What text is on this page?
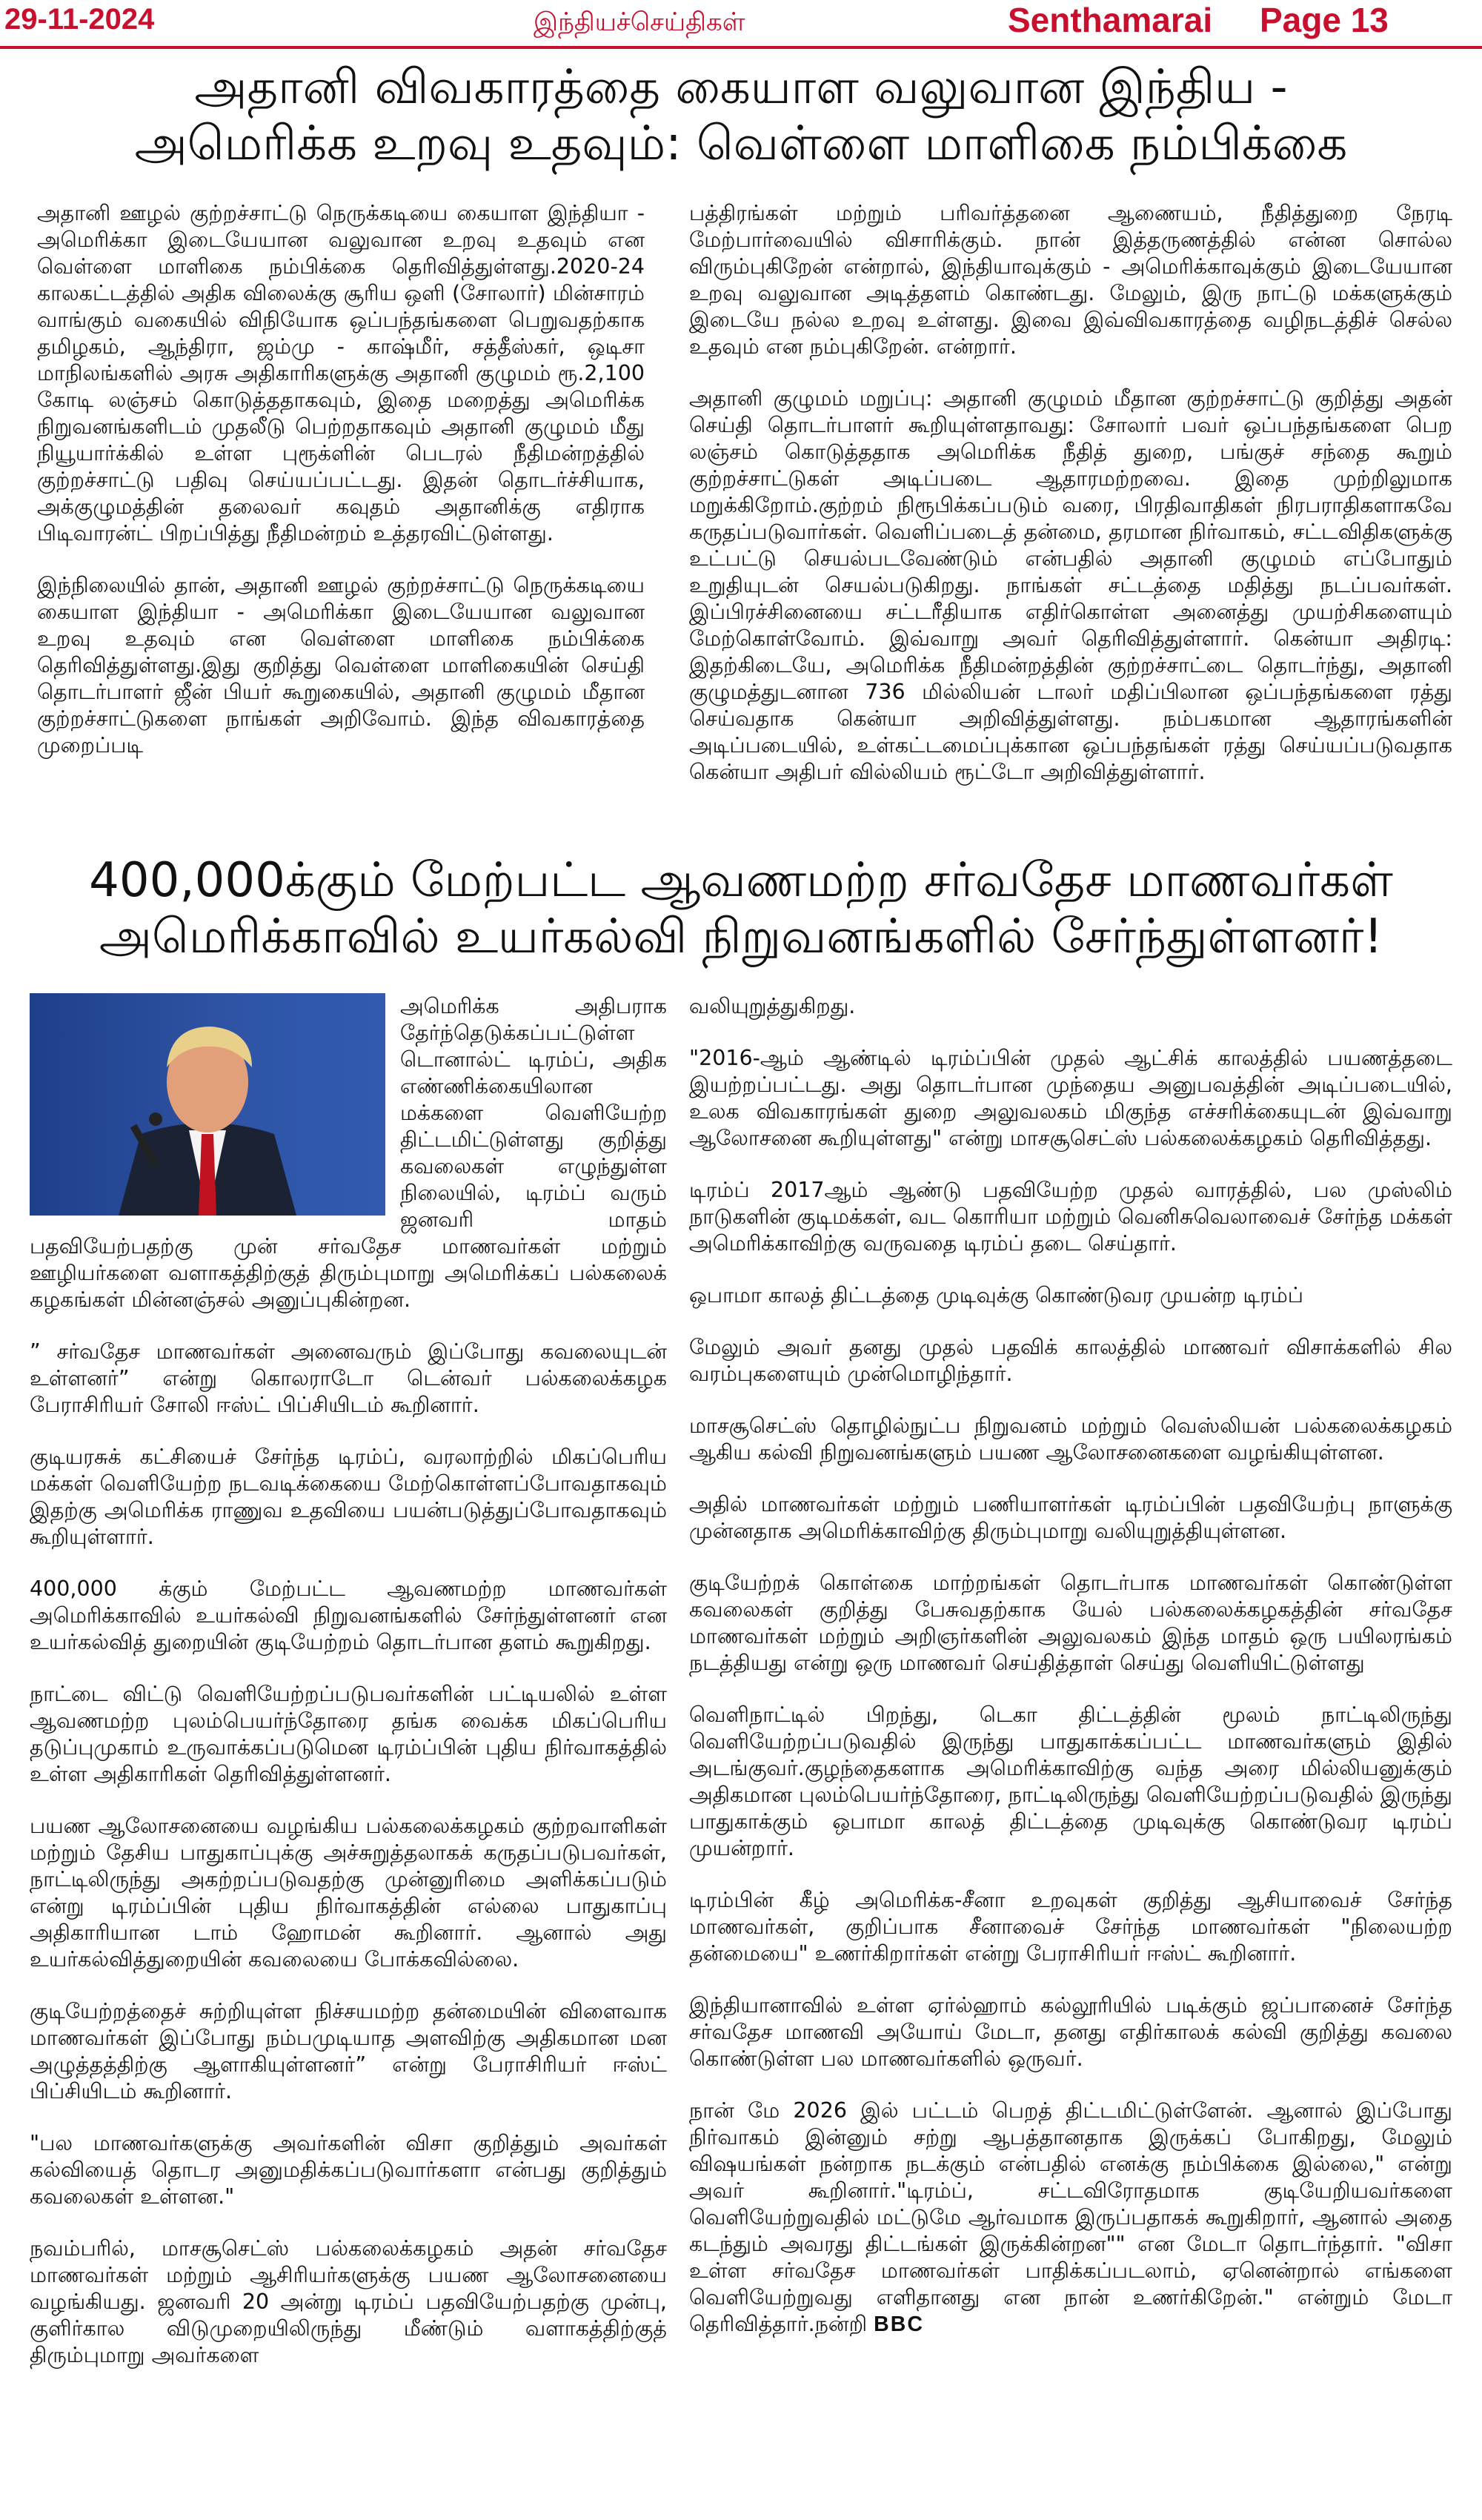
29-11-2024	இந்தியச்செய்திகள்	Senthamarai Page 13
அதானி விவகாரத்தை கையாள வலுவான இந்திய -
அமெரிக்க உறவு உதவும்: வெள்ளை மாளிகை நம்பிக்கை

அதானி ஊழல் குற்றச்சாட்டு நெருக்கடியை கையாள இந்தியா - அமெரிக்கா இடையேயான வலுவான உறவு உதவும் என வெள்ளை மாளிகை நம்பிக்கை தெரிவித்துள்ளது.2020-24 காலகட்டத்தில் அதிக விலைக்கு சூரிய ஒளி (சோலார்) மின்சாரம் வாங்கும் வகையில் விநியோக ஒப்பந்தங்களை பெறுவதற்காக தமிழகம், ஆந்திரா, ஜம்மு - காஷ்மீர், சத்தீஸ்கர், ஒடிசா மாநிலங்களில் அரசு அதிகாரிகளுக்கு அதானி குழுமம் ரூ.2,100 கோடி லஞ்சம் கொடுத்ததாகவும், இதை மறைத்து அமெரிக்க நிறுவனங்களிடம் முதலீடு பெற்றதாகவும் அதானி குழுமம் மீது நியூயார்க்கில் உள்ள புரூக்ளின் பெடரல் நீதிமன்றத்தில் குற்றச்சாட்டு பதிவு செய்யப்பட்டது. இதன் தொடர்ச்சியாக, அக்குழுமத்தின் தலைவர் கவுதம் அதானிக்கு எதிராக பிடிவாரன்ட் பிறப்பித்து நீதிமன்றம் உத்தரவிட்டுள்ளது.

இந்நிலையில் தான், அதானி ஊழல் குற்றச்சாட்டு நெருக்கடியை கையாள இந்தியா - அமெரிக்கா இடையேயான வலுவான உறவு உதவும் என வெள்ளை மாளிகை நம்பிக்கை தெரிவித்துள்ளது.இது குறித்து வெள்ளை மாளிகையின் செய்தி தொடர்பாளர் ஜீன் பியர் கூறுகையில், அதானி குழுமம் மீதான குற்றச்சாட்டுகளை நாங்கள் அறிவோம். இந்த விவகாரத்தை முறைப்படி

பத்திரங்கள் மற்றும் பரிவர்த்தனை ஆணையம், நீதித்துறை நேரடி மேற்பார்வையில் விசாரிக்கும். நான் இத்தருணத்தில் என்ன சொல்ல விரும்புகிறேன் என்றால், இந்தியாவுக்கும் - அமெரிக்காவுக்கும் இடையேயான உறவு வலுவான அடித்தளம் கொண்டது. மேலும், இரு நாட்டு மக்களுக்கும் இடையே நல்ல உறவு உள்ளது. இவை இவ்விவகாரத்தை வழிநடத்திச் செல்ல உதவும் என நம்புகிறேன். என்றார்.

அதானி குழுமம் மறுப்பு: அதானி குழுமம் மீதான குற்றச்சாட்டு குறித்து அதன் செய்தி தொடர்பாளர் கூறியுள்ளதாவது: சோலார் பவர் ஒப்பந்தங்களை பெற லஞ்சம் கொடுத்ததாக அமெரிக்க நீதித் துறை, பங்குச் சந்தை கூறும் குற்றச்சாட்டுகள் அடிப்படை ஆதாரமற்றவை. இதை முற்றிலுமாக மறுக்கிறோம்.குற்றம் நிரூபிக்கப்படும் வரை, பிரதிவாதிகள் நிரபராதிகளாகவே கருதப்படுவார்கள். வெளிப்படைத் தன்மை, தரமான நிர்வாகம், சட்டவிதிகளுக்கு உட்பட்டு செயல்படவேண்டும் என்பதில் அதானி குழுமம் எப்போதும் உறுதியுடன் செயல்படுகிறது. நாங்கள் சட்டத்தை மதித்து நடப்பவர்கள். இப்பிரச்சினையை சட்டரீதியாக எதிர்கொள்ள அனைத்து முயற்சிகளையும் மேற்கொள்வோம். இவ்வாறு அவர் தெரிவித்துள்ளார். கென்யா அதிரடி: இதற்கிடையே, அமெரிக்க நீதிமன்றத்தின் குற்றச்சாட்டை தொடர்ந்து, அதானி குழுமத்துடனான 736 மில்லியன் டாலர் மதிப்பிலான ஒப்பந்தங்களை ரத்து செய்வதாக கென்யா அறிவித்துள்ளது. நம்பகமான ஆதாரங்களின் அடிப்படையில், உள்கட்டமைப்புக்கான ஒப்பந்தங்கள் ரத்து செய்யப்படுவதாக கென்யா அதிபர் வில்லியம் ரூட்டோ அறிவித்துள்ளார்.

400,000க்கும் மேற்பட்ட ஆவணமற்ற சர்வதேச மாணவர்கள்
அமெரிக்காவில் உயர்கல்வி நிறுவனங்களில் சேர்ந்துள்ளனர்!

அமெரிக்க அதிபராக தேர்ந்தெடுக்கப்பட்டுள்ள டொனால்ட் டிரம்ப், அதிக எண்ணிக்கையிலான மக்களை வெளியேற்ற திட்டமிட்டுள்ளது குறித்து கவலைகள் எழுந்துள்ள நிலையில், டிரம்ப் வரும் ஜனவரி மாதம் பதவியேற்பதற்கு முன் சர்வதேச மாணவர்கள் மற்றும் ஊழியர்களை வளாகத்திற்குத் திரும்புமாறு அமெரிக்கப் பல்கலைக் கழகங்கள் மின்னஞ்சல் அனுப்புகின்றன.

” சர்வதேச மாணவர்கள் அனைவரும் இப்போது கவலையுடன் உள்ளனர்” என்று கொலராடோ டென்வர் பல்கலைக்கழக பேராசிரியர் சோலி ஈஸ்ட் பிப்சியிடம் கூறினார்.

குடியரசுக் கட்சியைச் சேர்ந்த டிரம்ப், வரலாற்றில் மிகப்பெரிய மக்கள் வெளியேற்ற நடவடிக்கையை மேற்கொள்ளப்போவதாகவும் இதற்கு அமெரிக்க ராணுவ உதவியை பயன்படுத்துப்போவதாகவும் கூறியுள்ளார்.

400,000 க்கும் மேற்பட்ட ஆவணமற்ற மாணவர்கள் அமெரிக்காவில் உயர்கல்வி நிறுவனங்களில் சேர்ந்துள்ளனர் என உயர்கல்வித் துறையின் குடியேற்றம் தொடர்பான தளம் கூறுகிறது.

நாட்டை விட்டு வெளியேற்றப்படுபவர்களின் பட்டியலில் உள்ள ஆவணமற்ற புலம்பெயர்ந்தோரை தங்க வைக்க மிகப்பெரிய தடுப்புமுகாம் உருவாக்கப்படுமென டிரம்ப்பின் புதிய நிர்வாகத்தில் உள்ள அதிகாரிகள் தெரிவித்துள்ளனர்.

பயண ஆலோசனையை வழங்கிய பல்கலைக்கழகம் குற்றவாளிகள் மற்றும் தேசிய பாதுகாப்புக்கு அச்சுறுத்தலாகக் கருதப்படுபவர்கள், நாட்டிலிருந்து அகற்றப்படுவதற்கு முன்னுரிமை அளிக்கப்படும் என்று டிரம்ப்பின் புதிய நிர்வாகத்தின் எல்லை பாதுகாப்பு அதிகாரியான டாம் ஹோமன் கூறினார். ஆனால் அது உயர்கல்வித்துறையின் கவலையை போக்கவில்லை.

குடியேற்றத்தைச் சுற்றியுள்ள நிச்சயமற்ற தன்மையின் விளைவாக மாணவர்கள் இப்போது நம்பமுடியாத அளவிற்கு அதிகமான மன அழுத்தத்திற்கு ஆளாகியுள்ளனர்” என்று பேராசிரியர் ஈஸ்ட் பிப்சியிடம் கூறினார்.

"பல மாணவர்களுக்கு அவர்களின் விசா குறித்தும் அவர்கள் கல்வியைத் தொடர அனுமதிக்கப்படுவார்களா என்பது குறித்தும் கவலைகள் உள்ளன."

நவம்பரில், மாசசூசெட்ஸ் பல்கலைக்கழகம் அதன் சர்வதேச மாணவர்கள் மற்றும் ஆசிரியர்களுக்கு பயண ஆலோசனையை வழங்கியது. ஜனவரி 20 அன்று டிரம்ப் பதவியேற்பதற்கு முன்பு, குளிர்கால விடுமுறையிலிருந்து மீண்டும் வளாகத்திற்குத் திரும்புமாறு அவர்களை

வலியுறுத்துகிறது.

"2016-ஆம் ஆண்டில் டிரம்ப்பின் முதல் ஆட்சிக் காலத்தில் பயணத்தடை இயற்றப்பட்டது. அது தொடர்பான முந்தைய அனுபவத்தின் அடிப்படையில், உலக விவகாரங்கள் துறை அலுவலகம் மிகுந்த எச்சரிக்கையுடன் இவ்வாறு ஆலோசனை கூறியுள்ளது" என்று மாசசூசெட்ஸ் பல்கலைக்கழகம் தெரிவித்தது.

டிரம்ப் 2017ஆம் ஆண்டு பதவியேற்ற முதல் வாரத்தில், பல முஸ்லிம் நாடுகளின் குடிமக்கள், வட கொரியா மற்றும் வெனிசுவெலாவைச் சேர்ந்த மக்கள் அமெரிக்காவிற்கு வருவதை டிரம்ப் தடை செய்தார்.

ஒபாமா காலத் திட்டத்தை முடிவுக்கு கொண்டுவர முயன்ற டிரம்ப்

மேலும் அவர் தனது முதல் பதவிக் காலத்தில் மாணவர் விசாக்களில் சில வரம்புகளையும் முன்மொழிந்தார்.

மாசசூசெட்ஸ் தொழில்நுட்ப நிறுவனம் மற்றும் வெஸ்லியன் பல்கலைக்கழகம் ஆகிய கல்வி நிறுவனங்களும் பயண ஆலோசனைகளை வழங்கியுள்ளன.

அதில் மாணவர்கள் மற்றும் பணியாளர்கள் டிரம்ப்பின் பதவியேற்பு நாளுக்கு முன்னதாக அமெரிக்காவிற்கு திரும்புமாறு வலியுறுத்தியுள்ளன.

குடியேற்றக் கொள்கை மாற்றங்கள் தொடர்பாக மாணவர்கள் கொண்டுள்ள கவலைகள் குறித்து பேசுவதற்காக யேல் பல்கலைக்கழகத்தின் சர்வதேச மாணவர்கள் மற்றும் அறிஞர்களின் அலுவலகம் இந்த மாதம் ஒரு பயிலரங்கம் நடத்தியது என்று ஒரு மாணவர் செய்தித்தாள் செய்து வெளியிட்டுள்ளது

வெளிநாட்டில் பிறந்து, டெகா திட்டத்தின் மூலம் நாட்டிலிருந்து வெளியேற்றப்படுவதில் இருந்து பாதுகாக்கப்பட்ட மாணவர்களும் இதில் அடங்குவர்.குழந்தைகளாக அமெரிக்காவிற்கு வந்த அரை மில்லியனுக்கும் அதிகமான புலம்பெயர்ந்தோரை, நாட்டிலிருந்து வெளியேற்றப்படுவதில் இருந்து பாதுகாக்கும் ஒபாமா காலத் திட்டத்தை முடிவுக்கு கொண்டுவர டிரம்ப் முயன்றார்.

டிரம்பின் கீழ் அமெரிக்க-சீனா உறவுகள் குறித்து ஆசியாவைச் சேர்ந்த மாணவர்கள், குறிப்பாக சீனாவைச் சேர்ந்த மாணவர்கள் "நிலையற்ற தன்மையை" உணர்கிறார்கள் என்று பேராசிரியர் ஈஸ்ட் கூறினார்.

இந்தியானாவில் உள்ள ஏர்ல்ஹாம் கல்லூரியில் படிக்கும் ஜப்பானைச் சேர்ந்த சர்வதேச மாணவி அயோய் மேடா, தனது எதிர்காலக் கல்வி குறித்து கவலை கொண்டுள்ள பல மாணவர்களில் ஒருவர்.

நான் மே 2026 இல் பட்டம் பெறத் திட்டமிட்டுள்ளேன். ஆனால் இப்போது நிர்வாகம் இன்னும் சற்று ஆபத்தானதாக இருக்கப் போகிறது, மேலும் விஷயங்கள் நன்றாக நடக்கும் என்பதில் எனக்கு நம்பிக்கை இல்லை," என்று அவர் கூறினார்."டிரம்ப், சட்டவிரோதமாக குடியேறியவர்களை வெளியேற்றுவதில் மட்டுமே ஆர்வமாக இருப்பதாகக் கூறுகிறார், ஆனால் அதை கடந்தும் அவரது திட்டங்கள் இருக்கின்றன"" என மேடா தொடர்ந்தார். "விசா உள்ள சர்வதேச மாணவர்கள் பாதிக்கப்படலாம், ஏனென்றால் எங்களை வெளியேற்றுவது எளிதானது என நான் உணர்கிறேன்." என்றும் மேடா தெரிவித்தார்.நன்றி BBC
